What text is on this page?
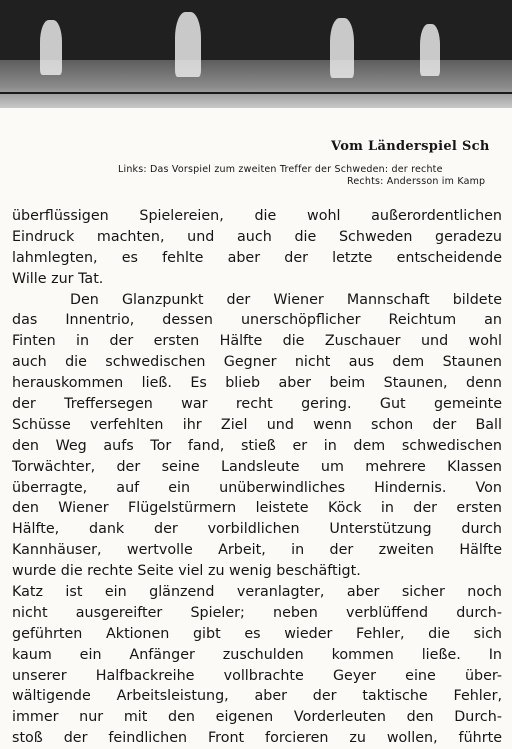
Vom Länderspiel Sch
Links: Das Vorspiel zum zweiten Treffer der Schweden: der rechte
Rechts: Andersson im Kamp
überflüssigen Spielereien, die wohl außerordentlichen
Eindruck machten, und auch die Schweden geradezu
lahmlegten, es fehlte aber der letzte entscheidende
Wille zur Tat.
Den Glanzpunkt der Wiener Mannschaft bildete
das Innentrio, dessen unerschöpflicher Reichtum an
Finten in der ersten Hälfte die Zuschauer und wohl
auch die schwedischen Gegner nicht aus dem Staunen
herauskommen ließ. Es blieb aber beim Staunen, denn
der Treffersegen war recht gering. Gut gemeinte
Schüsse verfehlten ihr Ziel und wenn schon der Ball
den Weg aufs Tor fand, stieß er in dem schwedischen
Torwächter, der seine Landsleute um mehrere Klassen
überragte, auf ein unüberwindliches Hindernis. Von
den Wiener Flügelstürmern leistete Köck in der ersten
Hälfte, dank der vorbildlichen Unterstützung durch
Kannhäuser, wertvolle Arbeit, in der zweiten Hälfte
wurde die rechte Seite viel zu wenig beschäftigt.
Katz ist ein glänzend veranlagter, aber sicher noch
nicht ausgereifter Spieler; neben verblüffend durch-
geführten Aktionen gibt es wieder Fehler, die sich
kaum ein Anfänger zuschulden kommen ließe. In
unserer Halfbackreihe vollbrachte Geyer eine über-
wältigende Arbeitsleistung, aber der taktische Fehler,
immer nur mit den eigenen Vorderleuten den Durch-
stoß der feindlichen Front forcieren zu wollen, führte
